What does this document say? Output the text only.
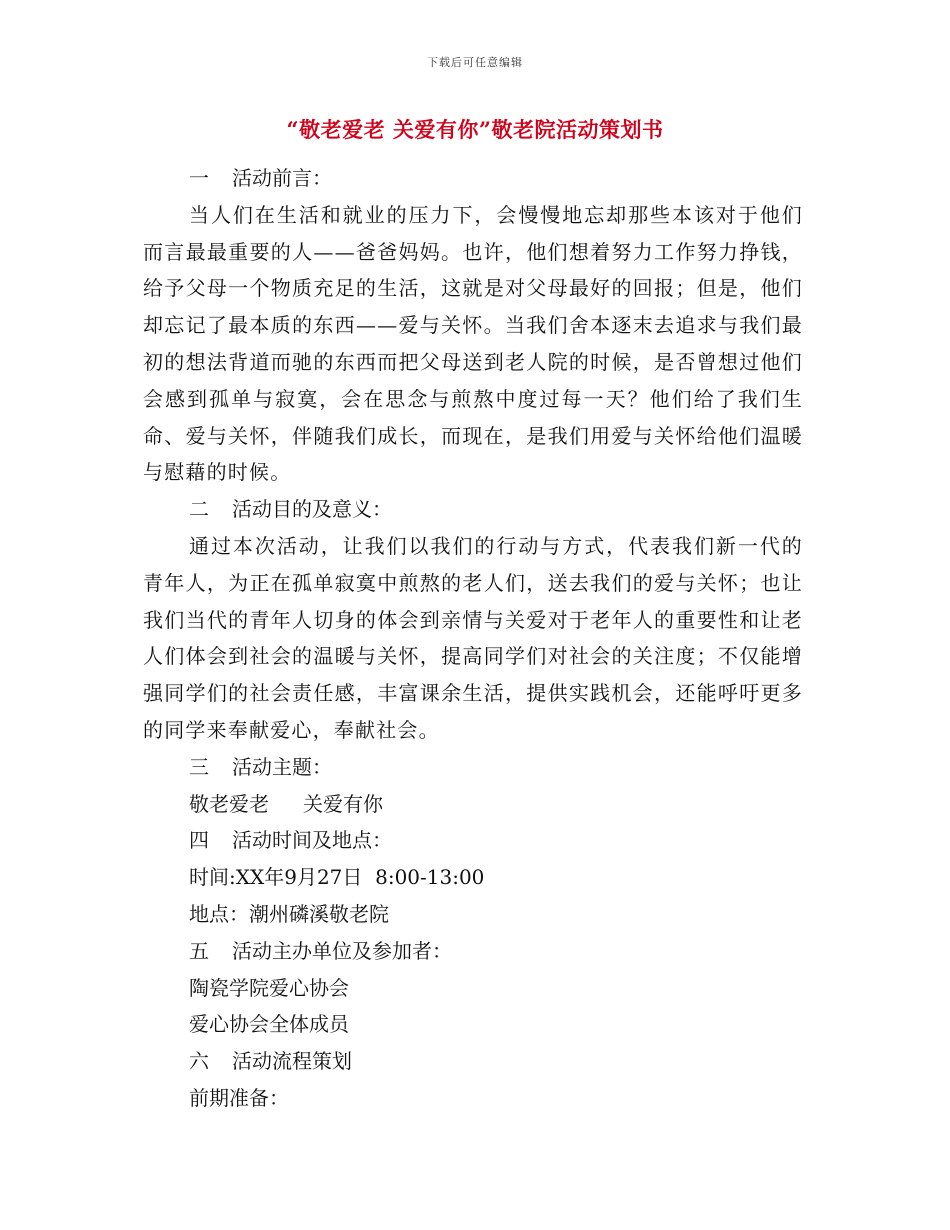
下载后可任意编辑
“敬老爱老 关爱有你”敬老院活动策划书

一 活动前言：

当人们在生活和就业的压力下，会慢慢地忘却那些本该对于他们而言最最重要的人——爸爸妈妈。也许，他们想着努力工作努力挣钱，给予父母一个物质充足的生活，这就是对父母最好的回报；但是，他们却忘记了最本质的东西——爱与关怀。当我们舍本逐末去追求与我们最初的想法背道而驰的东西而把父母送到老人院的时候，是否曾想过他们会感到孤单与寂寞，会在思念与煎熬中度过每一天？他们给了我们生命、爱与关怀，伴随我们成长，而现在，是我们用爱与关怀给他们温暖与慰藉的时候。

二 活动目的及意义：

通过本次活动，让我们以我们的行动与方式，代表我们新一代的青年人，为正在孤单寂寞中煎熬的老人们，送去我们的爱与关怀；也让我们当代的青年人切身的体会到亲情与关爱对于老年人的重要性和让老人们体会到社会的温暖与关怀，提高同学们对社会的关注度；不仅能增强同学们的社会责任感，丰富课余生活，提供实践机会，还能呼吁更多的同学来奉献爱心，奉献社会。

三 活动主题：

敬老爱老 关爱有你

四 活动时间及地点：

时间:XX年9月27日  8:00-13:00

地点：潮州磷溪敬老院

五 活动主办单位及参加者：

陶瓷学院爱心协会

爱心协会全体成员

六 活动流程策划

前期准备：
